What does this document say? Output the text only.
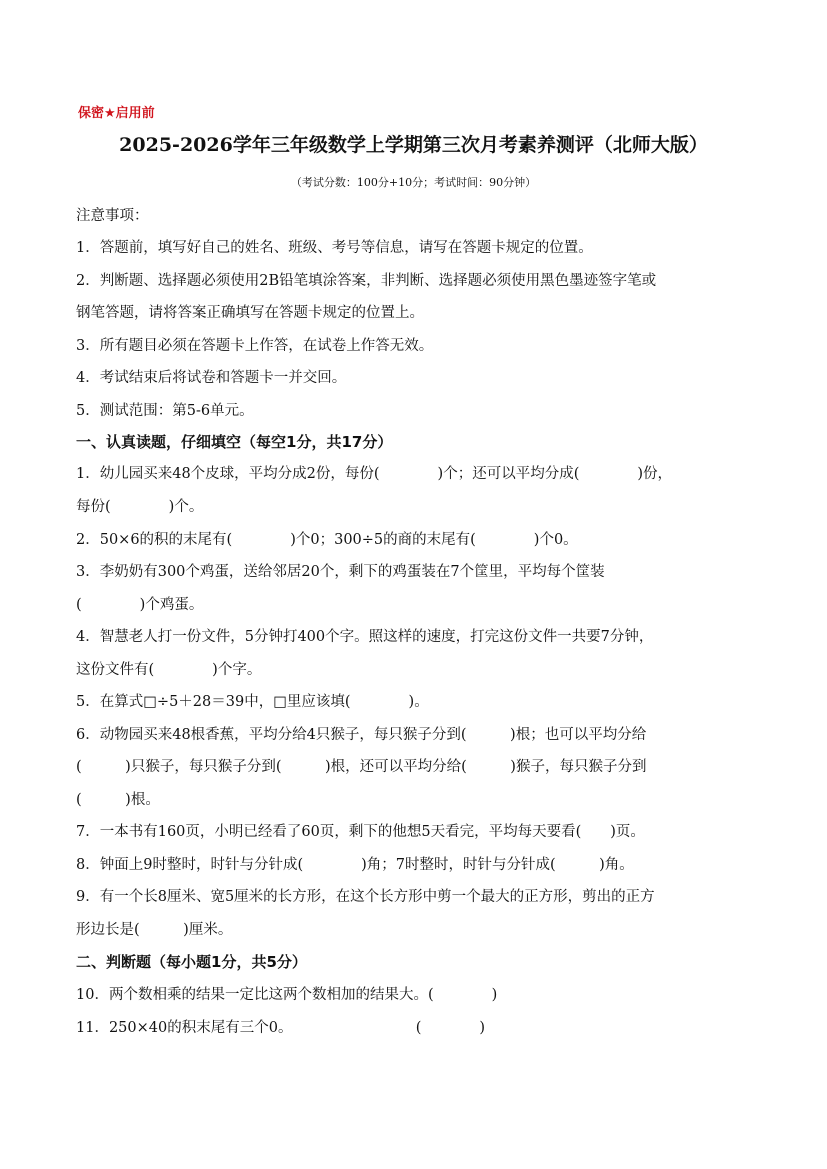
保密★启用前
2025-2026学年三年级数学上学期第三次月考素养测评（北师大版）
（考试分数：100分+10分；考试时间：90分钟）
注意事项：
1．答题前，填写好自己的姓名、班级、考号等信息，请写在答题卡规定的位置。
2．判断题、选择题必须使用2B铅笔填涂答案，非判断、选择题必须使用黑色墨迹签字笔或
钢笔答题，请将答案正确填写在答题卡规定的位置上。
3．所有题目必须在答题卡上作答，在试卷上作答无效。
4．考试结束后将试卷和答题卡一并交回。
5．测试范围：第5-6单元。
一、认真读题，仔细填空（每空1分，共17分）
1．幼儿园买来48个皮球，平均分成2份，每份(　　　　)个；还可以平均分成(　　　　)份，
每份(　　　　)个。
2．50×6的积的末尾有(　　　　)个0；300÷5的商的末尾有(　　　　)个0。
3．李奶奶有300个鸡蛋，送给邻居20个，剩下的鸡蛋装在7个筐里，平均每个筐装
(　　　　)个鸡蛋。
4．智慧老人打一份文件，5分钟打400个字。照这样的速度，打完这份文件一共要7分钟，
这份文件有(　　　　)个字。
5．在算式□÷5＋28＝39中，□里应该填(　　　　)。
6．动物园买来48根香蕉，平均分给4只猴子，每只猴子分到(　　　)根；也可以平均分给
(　　　)只猴子，每只猴子分到(　　　)根，还可以平均分给(　　　)猴子，每只猴子分到
(　　　)根。
7．一本书有160页，小明已经看了60页，剩下的他想5天看完，平均每天要看(　　)页。
8．钟面上9时整时，时针与分针成(　　　　)角；7时整时，时针与分针成(　　　)角。
9．有一个长8厘米、宽5厘米的长方形，在这个长方形中剪一个最大的正方形，剪出的正方
形边长是(　　　)厘米。
二、判断题（每小题1分，共5分）
10．两个数相乘的结果一定比这两个数相加的结果大。(　　　　)
11．250×40的积末尾有三个0。　　　　　　　　　(　　　　)
